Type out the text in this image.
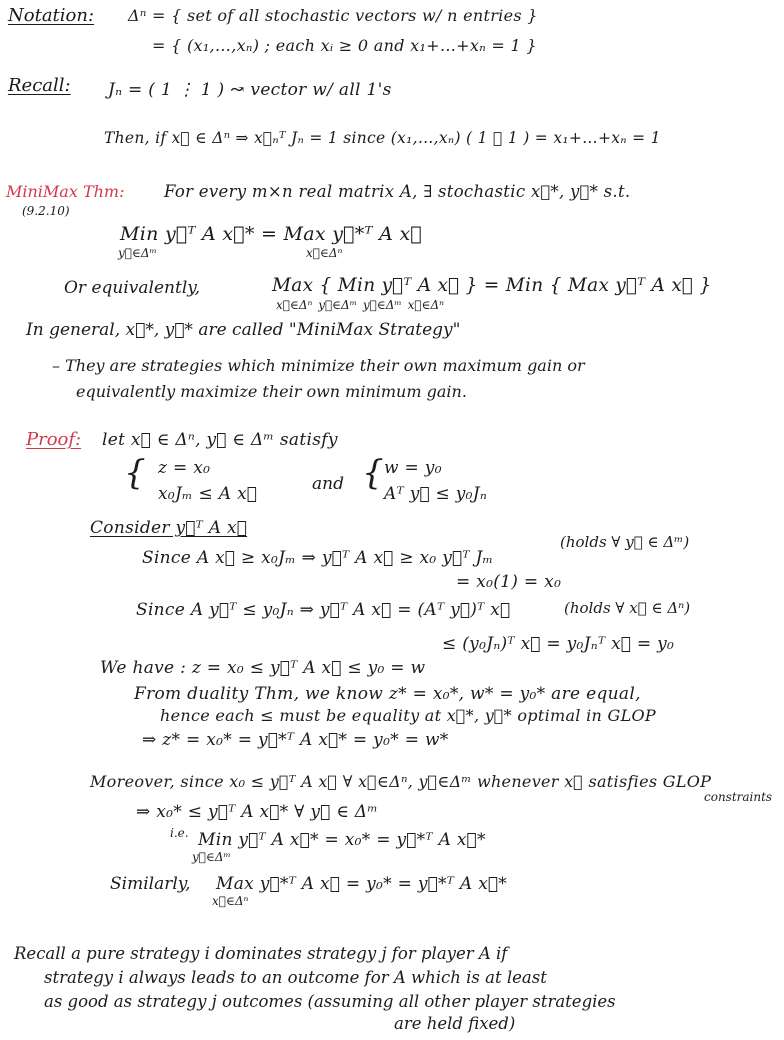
Notation: Δⁿ = { set of all stochastic vectors w/ n entries }
= { (x₁,…,xₙ) ; each xᵢ ≥ 0 and x₁+…+xₙ = 1 }
Recall: Jₙ = ( 1 ⋮ 1 ) ↝ vector w/ all 1's
Then, if x⃗ ∈ Δⁿ ⇒ x⃗ₙᵀ Jₙ = 1 since (x₁,…,xₙ) ( 1 ⋮ 1 ) = x₁+…+xₙ = 1
MiniMax Thm:
(9.2.10)
For every m×n real matrix A, ∃ stochastic x⃗*, y⃗* s.t.
Min y⃗ᵀ A x⃗* = Max y⃗*ᵀ A x⃗
y⃗∈Δᵐ	x⃗∈Δⁿ
Or equivalently,	Max { Min y⃗ᵀ A x⃗ } = Min { Max y⃗ᵀ A x⃗ }
x⃗∈Δⁿ y⃗∈Δᵐ y⃗∈Δᵐ x⃗∈Δⁿ
In general, x⃗*, y⃗* are called "MiniMax Strategy"
– They are strategies which minimize their own maximum gain or
equivalently maximize their own minimum gain.
Proof: let x⃗ ∈ Δⁿ, y⃗ ∈ Δᵐ satisfy
{ z = x₀
x₀Jₘ ≤ A x⃗	and { w = y₀
Aᵀ y⃗ ≤ y₀Jₙ
Consider y⃗ᵀ A x⃗
Since A x⃗ ≥ x₀Jₘ ⇒ y⃗ᵀ A x⃗ ≥ x₀ y⃗ᵀ Jₘ
(holds ∀ y⃗ ∈ Δᵐ)
= x₀(1) = x₀
Since A y⃗ᵀ ≤ y₀Jₙ ⇒ y⃗ᵀ A x⃗ = (Aᵀ y⃗)ᵀ x⃗	(holds ∀ x⃗ ∈ Δⁿ)
≤ (y₀Jₙ)ᵀ x⃗ = y₀Jₙᵀ x⃗ = y₀
We have : z = x₀ ≤ y⃗ᵀ A x⃗ ≤ y₀ = w
From duality Thm, we know z* = x₀*, w* = y₀* are equal,
hence each ≤ must be equality at x⃗*, y⃗* optimal in GLOP
⇒ z* = x₀* = y⃗*ᵀ A x⃗* = y₀* = w*
Moreover, since x₀ ≤ y⃗ᵀ A x⃗ ∀ x⃗∈Δⁿ, y⃗∈Δᵐ whenever x⃗ satisfies GLOP
constraints
⇒ x₀* ≤ y⃗ᵀ A x⃗* ∀ y⃗ ∈ Δᵐ
i.e. Min y⃗ᵀ A x⃗* = x₀* = y⃗*ᵀ A x⃗*
y⃗∈Δᵐ
Similarly, Max y⃗*ᵀ A x⃗ = y₀* = y⃗*ᵀ A x⃗*
x⃗∈Δⁿ
Recall a pure strategy i dominates strategy j for player A if
strategy i always leads to an outcome for A which is at least
as good as strategy j outcomes (assuming all other player strategies
are held fixed)
